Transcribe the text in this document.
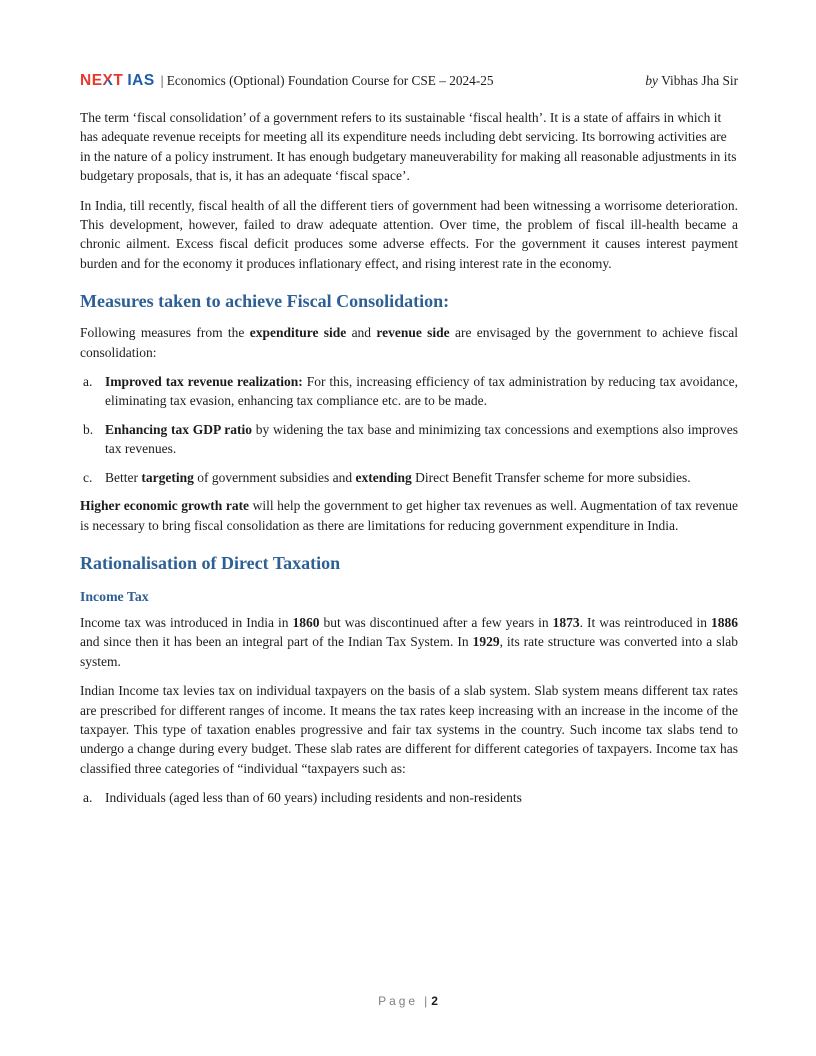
NEXT IAS | Economics (Optional) Foundation Course for CSE – 2024-25	by Vibhas Jha Sir

The term ‘fiscal consolidation’ of a government refers to its sustainable ‘fiscal health’. It is a state of affairs in which it has adequate revenue receipts for meeting all its expenditure needs including debt servicing. Its borrowing activities are in the nature of a policy instrument. It has enough budgetary maneuverability for making all reasonable adjustments in its budgetary proposals, that is, it has an adequate ‘fiscal space’.

In India, till recently, fiscal health of all the different tiers of government had been witnessing a worrisome deterioration. This development, however, failed to draw adequate attention. Over time, the problem of fiscal ill-health became a chronic ailment. Excess fiscal deficit produces some adverse effects. For the government it causes interest payment burden and for the economy it produces inflationary effect, and rising interest rate in the economy.

Measures taken to achieve Fiscal Consolidation:

Following measures from the expenditure side and revenue side are envisaged by the government to achieve fiscal consolidation:

a. Improved tax revenue realization: For this, increasing efficiency of tax administration by reducing tax avoidance, eliminating tax evasion, enhancing tax compliance etc. are to be made.
b. Enhancing tax GDP ratio by widening the tax base and minimizing tax concessions and exemptions also improves tax revenues.
c. Better targeting of government subsidies and extending Direct Benefit Transfer scheme for more subsidies.

Higher economic growth rate will help the government to get higher tax revenues as well. Augmentation of tax revenue is necessary to bring fiscal consolidation as there are limitations for reducing government expenditure in India.

Rationalisation of Direct Taxation
Income Tax

Income tax was introduced in India in 1860 but was discontinued after a few years in 1873. It was reintroduced in 1886 and since then it has been an integral part of the Indian Tax System. In 1929, its rate structure was converted into a slab system.

Indian Income tax levies tax on individual taxpayers on the basis of a slab system. Slab system means different tax rates are prescribed for different ranges of income. It means the tax rates keep increasing with an increase in the income of the taxpayer. This type of taxation enables progressive and fair tax systems in the country. Such income tax slabs tend to undergo a change during every budget. These slab rates are different for different categories of taxpayers. Income tax has classified three categories of “individual “taxpayers such as:

a. Individuals (aged less than of 60 years) including residents and non-residents
Page | 2
